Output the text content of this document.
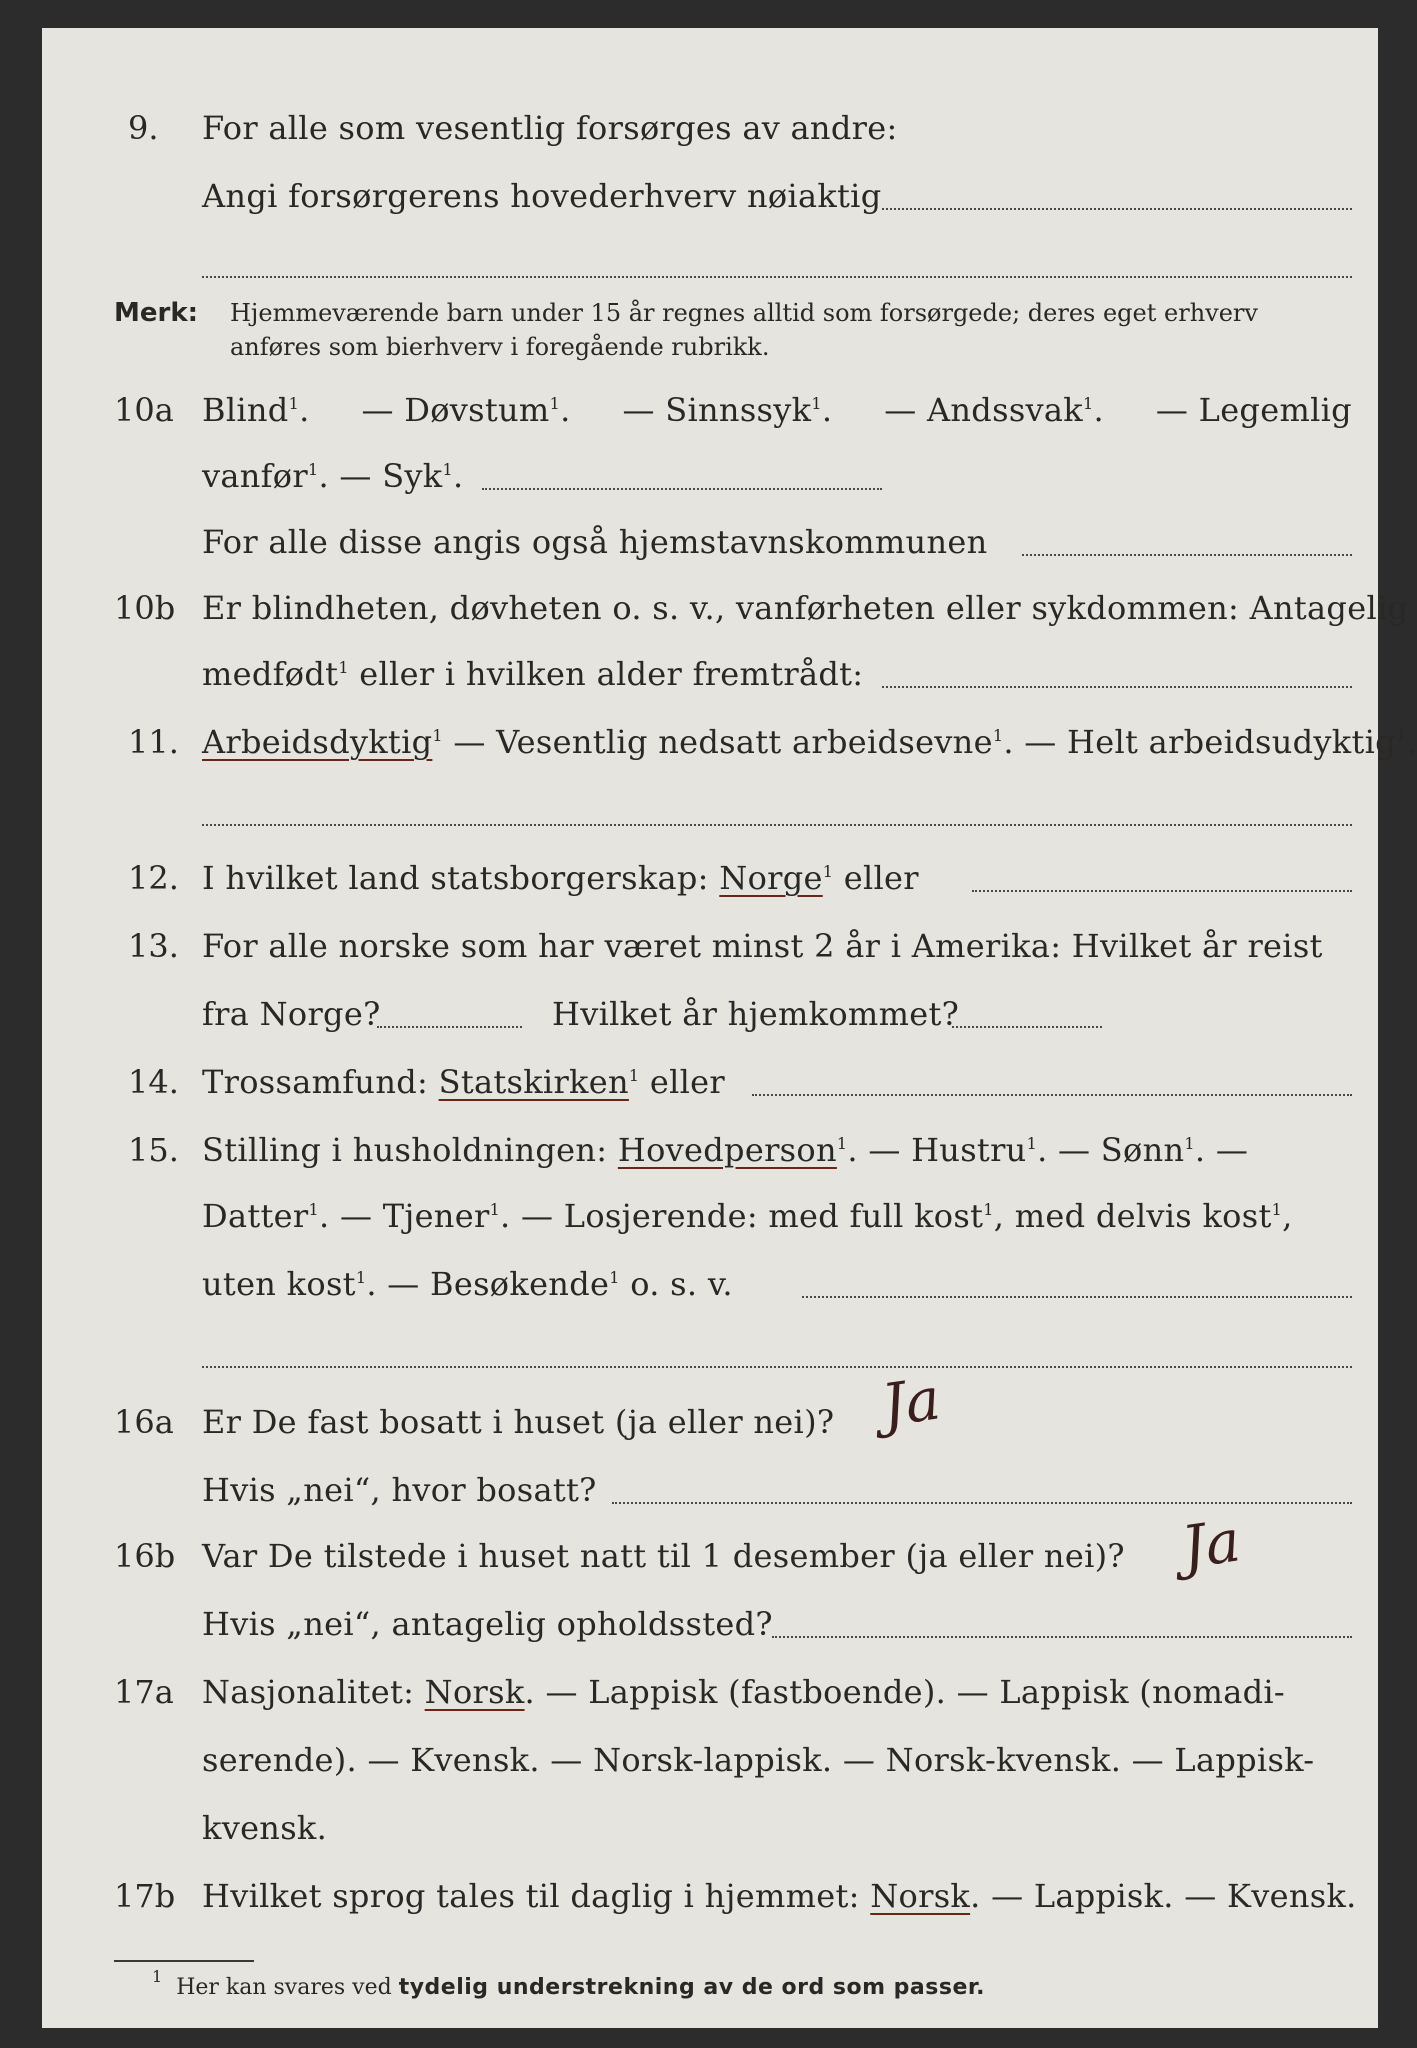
9. For alle som vesentlig forsørges av andre:
Angi forsørgerens hovederhverv nøiaktig
Merk: Hjemmeværende barn under 15 år regnes alltid som forsørgede; deres eget erhverv
anføres som bierhverv i foregående rubrikk.
10a Blind$^1$. — Døvstum$^1$. — Sinnssyk$^1$. — Andssvak$^1$. — Legemlig
vanfør$^1$. — Syk$^1$.
For alle disse angis også hjemstavnskommunen
10b Er blindheten, døvheten o. s. v., vanførheten eller sykdommen: Antagelig
medfødt$^1$ eller i hvilken alder fremtrådt:
11. Arbeidsdyktig$^1$ — Vesentlig nedsatt arbeidsevne$^1$. — Helt arbeidsudyktig$^1$.
12. I hvilket land statsborgerskap: Norge$^1$ eller
13. For alle norske som har været minst 2 år i Amerika: Hvilket år reist
fra Norge?	Hvilket år hjemkommet?
14. Trossamfund: Statskirken$^1$ eller
15. Stilling i husholdningen: Hovedperson$^1$. — Hustru$^1$. — Sønn$^1$. —
Datter$^1$. — Tjener$^1$. — Losjerende: med full kost$^1$, med delvis kost$^1$,
uten kost$^1$. — Besøkende$^1$ o. s. v.
16a Er De fast bosatt i huset (ja eller nei)? Ja
Hvis „nei“, hvor bosatt?
16b Var De tilstede i huset natt til 1 desember (ja eller nei)? Ja
Hvis „nei“, antagelig opholdssted?
17a Nasjonalitet: Norsk. — Lappisk (fastboende). — Lappisk (nomadi-
serende). — Kvensk. — Norsk-lappisk. — Norsk-kvensk. — Lappisk-
kvensk.
17b Hvilket sprog tales til daglig i hjemmet: Norsk. — Lappisk. — Kvensk.
$^1$ Her kan svares ved tydelig understrekning av de ord som passer.
